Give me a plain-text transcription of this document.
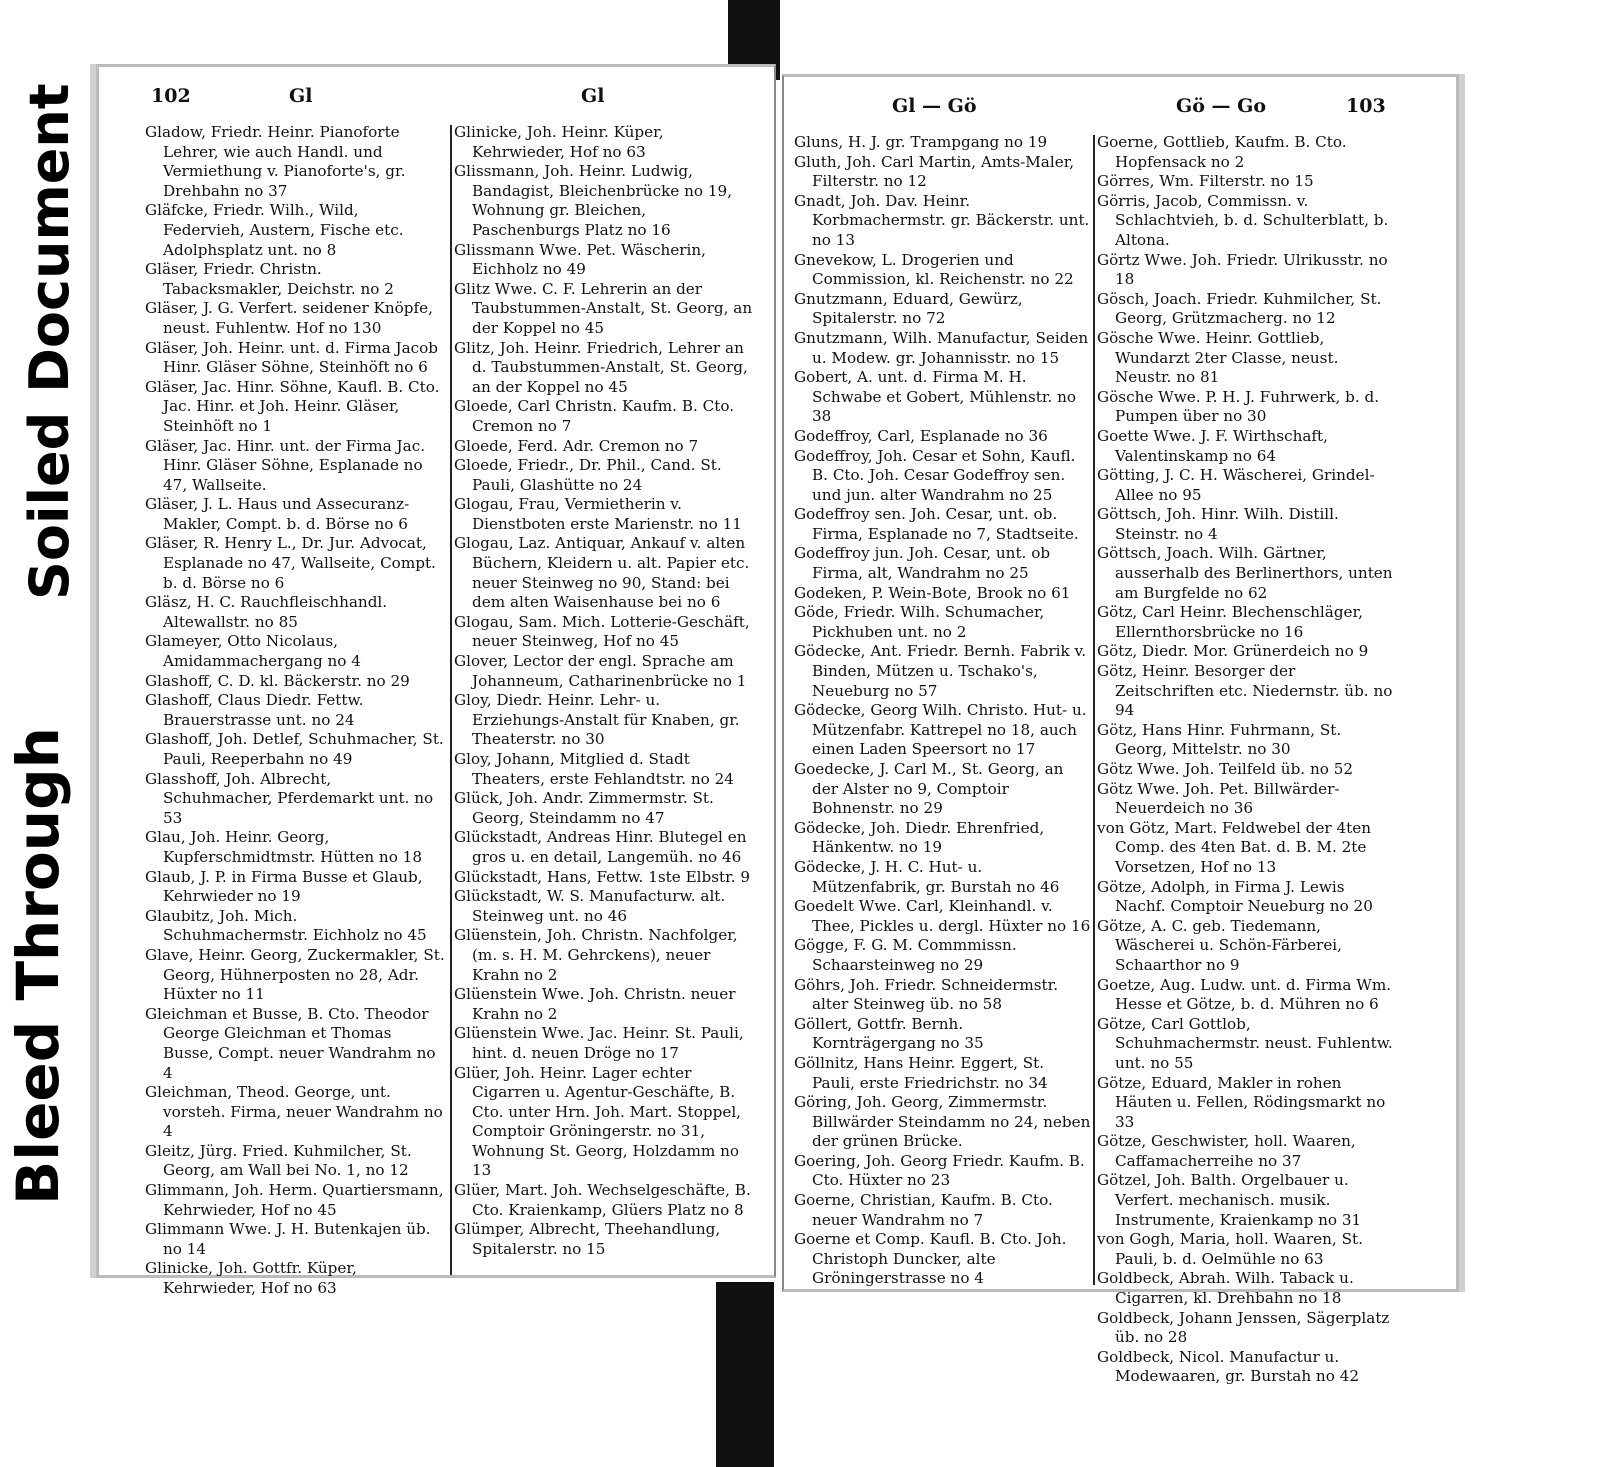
Soiled Document
Bleed Through
102	Gl	Gl

Gladow, Friedr. Heinr. Pianoforte Lehrer, wie auch Handl. und Vermiethung v. Pianoforte's, gr. Drehbahn no 37

Gläfcke, Friedr. Wilh., Wild, Federvieh, Austern, Fische etc. Adolphsplatz unt. no 8

Gläser, Friedr. Christn. Tabacksmakler, Deichstr. no 2

Gläser, J. G. Verfert. seidener Knöpfe, neust. Fuhlentw. Hof no 130

Gläser, Joh. Heinr. unt. d. Firma Jacob Hinr. Gläser Söhne, Steinhöft no 6

Gläser, Jac. Hinr. Söhne, Kaufl. B. Cto. Jac. Hinr. et Joh. Heinr. Gläser, Steinhöft no 1

Gläser, Jac. Hinr. unt. der Firma Jac. Hinr. Gläser Söhne, Esplanade no 47, Wallseite.

Gläser, J. L. Haus und Assecuranz-Makler, Compt. b. d. Börse no 6

Gläser, R. Henry L., Dr. Jur. Advocat, Esplanade no 47, Wallseite, Compt. b. d. Börse no 6

Gläsz, H. C. Rauchfleischhandl. Altewallstr. no 85

Glameyer, Otto Nicolaus, Amidammachergang no 4

Glashoff, C. D. kl. Bäckerstr. no 29

Glashoff, Claus Diedr. Fettw. Brauerstrasse unt. no 24

Glashoff, Joh. Detlef, Schuhmacher, St. Pauli, Reeperbahn no 49

Glasshoff, Joh. Albrecht, Schuhmacher, Pferdemarkt unt. no 53

Glau, Joh. Heinr. Georg, Kupferschmidtmstr. Hütten no 18

Glaub, J. P. in Firma Busse et Glaub, Kehrwieder no 19

Glaubitz, Joh. Mich. Schuhmachermstr. Eichholz no 45

Glave, Heinr. Georg, Zuckermakler, St. Georg, Hühnerposten no 28, Adr. Hüxter no 11

Gleichman et Busse, B. Cto. Theodor George Gleichman et Thomas Busse, Compt. neuer Wandrahm no 4

Gleichman, Theod. George, unt. vorsteh. Firma, neuer Wandrahm no 4

Gleitz, Jürg. Fried. Kuhmilcher, St. Georg, am Wall bei No. 1, no 12

Glimmann, Joh. Herm. Quartiersmann, Kehrwieder, Hof no 45

Glimmann Wwe. J. H. Butenkajen üb. no 14

Glinicke, Joh. Gottfr. Küper, Kehrwieder, Hof no 63

Glinicke, Joh. Heinr. Küper, Kehrwieder, Hof no 63

Glissmann, Joh. Heinr. Ludwig, Bandagist, Bleichenbrücke no 19, Wohnung gr. Bleichen, Paschenburgs Platz no 16

Glissmann Wwe. Pet. Wäscherin, Eichholz no 49

Glitz Wwe. C. F. Lehrerin an der Taubstummen-Anstalt, St. Georg, an der Koppel no 45

Glitz, Joh. Heinr. Friedrich, Lehrer an d. Taubstummen-Anstalt, St. Georg, an der Koppel no 45

Gloede, Carl Christn. Kaufm. B. Cto. Cremon no 7

Gloede, Ferd. Adr. Cremon no 7

Gloede, Friedr., Dr. Phil., Cand. St. Pauli, Glashütte no 24

Glogau, Frau, Vermietherin v. Dienstboten erste Marienstr. no 11

Glogau, Laz. Antiquar, Ankauf v. alten Büchern, Kleidern u. alt. Papier etc. neuer Steinweg no 90, Stand: bei dem alten Waisenhause bei no 6

Glogau, Sam. Mich. Lotterie-Geschäft, neuer Steinweg, Hof no 45

Glover, Lector der engl. Sprache am Johanneum, Catharinenbrücke no 1

Gloy, Diedr. Heinr. Lehr- u. Erziehungs-Anstalt für Knaben, gr. Theaterstr. no 30

Gloy, Johann, Mitglied d. Stadt Theaters, erste Fehlandtstr. no 24

Glück, Joh. Andr. Zimmermstr. St. Georg, Steindamm no 47

Glückstadt, Andreas Hinr. Blutegel en gros u. en detail, Langemüh. no 46

Glückstadt, Hans, Fettw. 1ste Elbstr. 9

Glückstadt, W. S. Manufacturw. alt. Steinweg unt. no 46

Glüenstein, Joh. Christn. Nachfolger, (m. s. H. M. Gehrckens), neuer Krahn no 2

Glüenstein Wwe. Joh. Christn. neuer Krahn no 2

Glüenstein Wwe. Jac. Heinr. St. Pauli, hint. d. neuen Dröge no 17

Glüer, Joh. Heinr. Lager echter Cigarren u. Agentur-Geschäfte, B. Cto. unter Hrn. Joh. Mart. Stoppel, Comptoir Gröningerstr. no 31, Wohnung St. Georg, Holzdamm no 13

Glüer, Mart. Joh. Wechselgeschäfte, B. Cto. Kraienkamp, Glüers Platz no 8

Glümper, Albrecht, Theehandlung, Spitalerstr. no 15

Gl — Gö	Gö — Go	103

Gluns, H. J. gr. Trampgang no 19

Gluth, Joh. Carl Martin, Amts-Maler, Filterstr. no 12

Gnadt, Joh. Dav. Heinr. Korbmachermstr. gr. Bäckerstr. unt. no 13

Gnevekow, L. Drogerien und Commission, kl. Reichenstr. no 22

Gnutzmann, Eduard, Gewürz, Spitalerstr. no 72

Gnutzmann, Wilh. Manufactur, Seiden u. Modew. gr. Johannisstr. no 15

Gobert, A. unt. d. Firma M. H. Schwabe et Gobert, Mühlenstr. no 38

Godeffroy, Carl, Esplanade no 36

Godeffroy, Joh. Cesar et Sohn, Kaufl. B. Cto. Joh. Cesar Godeffroy sen. und jun. alter Wandrahm no 25

Godeffroy sen. Joh. Cesar, unt. ob. Firma, Esplanade no 7, Stadtseite.

Godeffroy jun. Joh. Cesar, unt. ob Firma, alt, Wandrahm no 25

Godeken, P. Wein-Bote, Brook no 61

Göde, Friedr. Wilh. Schumacher, Pickhuben unt. no 2

Gödecke, Ant. Friedr. Bernh. Fabrik v. Binden, Mützen u. Tschako's, Neueburg no 57

Gödecke, Georg Wilh. Christo. Hut- u. Mützenfabr. Kattrepel no 18, auch einen Laden Speersort no 17

Goedecke, J. Carl M., St. Georg, an der Alster no 9, Comptoir Bohnenstr. no 29

Gödecke, Joh. Diedr. Ehrenfried, Hänkentw. no 19

Gödecke, J. H. C. Hut- u. Mützenfabrik, gr. Burstah no 46

Goedelt Wwe. Carl, Kleinhandl. v. Thee, Pickles u. dergl. Hüxter no 16

Gögge, F. G. M. Commmissn. Schaarsteinweg no 29

Göhrs, Joh. Friedr. Schneidermstr. alter Steinweg üb. no 58

Göllert, Gottfr. Bernh. Kornträgergang no 35

Göllnitz, Hans Heinr. Eggert, St. Pauli, erste Friedrichstr. no 34

Göring, Joh. Georg, Zimmermstr. Billwärder Steindamm no 24, neben der grünen Brücke.

Goering, Joh. Georg Friedr. Kaufm. B. Cto. Hüxter no 23

Goerne, Christian, Kaufm. B. Cto. neuer Wandrahm no 7

Goerne et Comp. Kaufl. B. Cto. Joh. Christoph Duncker, alte Gröningerstrasse no 4

Goerne, Gottlieb, Kaufm. B. Cto. Hopfensack no 2

Görres, Wm. Filterstr. no 15

Görris, Jacob, Commissn. v. Schlachtvieh, b. d. Schulterblatt, b. Altona.

Görtz Wwe. Joh. Friedr. Ulrikusstr. no 18

Gösch, Joach. Friedr. Kuhmilcher, St. Georg, Grützmacherg. no 12

Gösche Wwe. Heinr. Gottlieb, Wundarzt 2ter Classe, neust. Neustr. no 81

Gösche Wwe. P. H. J. Fuhrwerk, b. d. Pumpen über no 30

Goette Wwe. J. F. Wirthschaft, Valentinskamp no 64

Götting, J. C. H. Wäscherei, Grindel-Allee no 95

Göttsch, Joh. Hinr. Wilh. Distill. Steinstr. no 4

Göttsch, Joach. Wilh. Gärtner, ausserhalb des Berlinerthors, unten am Burgfelde no 62

Götz, Carl Heinr. Blechenschläger, Ellernthorsbrücke no 16

Götz, Diedr. Mor. Grünerdeich no 9

Götz, Heinr. Besorger der Zeitschriften etc. Niedernstr. üb. no 94

Götz, Hans Hinr. Fuhrmann, St. Georg, Mittelstr. no 30

Götz Wwe. Joh. Teilfeld üb. no 52

Götz Wwe. Joh. Pet. Billwärder-Neuerdeich no 36

von Götz, Mart. Feldwebel der 4ten Comp. des 4ten Bat. d. B. M. 2te Vorsetzen, Hof no 13

Götze, Adolph, in Firma J. Lewis Nachf. Comptoir Neueburg no 20

Götze, A. C. geb. Tiedemann, Wäscherei u. Schön-Färberei, Schaarthor no 9

Goetze, Aug. Ludw. unt. d. Firma Wm. Hesse et Götze, b. d. Mühren no 6

Götze, Carl Gottlob, Schuhmachermstr. neust. Fuhlentw. unt. no 55

Götze, Eduard, Makler in rohen Häuten u. Fellen, Rödingsmarkt no 33

Götze, Geschwister, holl. Waaren, Caffamacherreihe no 37

Götzel, Joh. Balth. Orgelbauer u. Verfert. mechanisch. musik. Instrumente, Kraienkamp no 31

von Gogh, Maria, holl. Waaren, St. Pauli, b. d. Oelmühle no 63

Goldbeck, Abrah. Wilh. Taback u. Cigarren, kl. Drehbahn no 18

Goldbeck, Johann Jenssen, Sägerplatz üb. no 28

Goldbeck, Nicol. Manufactur u. Modewaaren, gr. Burstah no 42
